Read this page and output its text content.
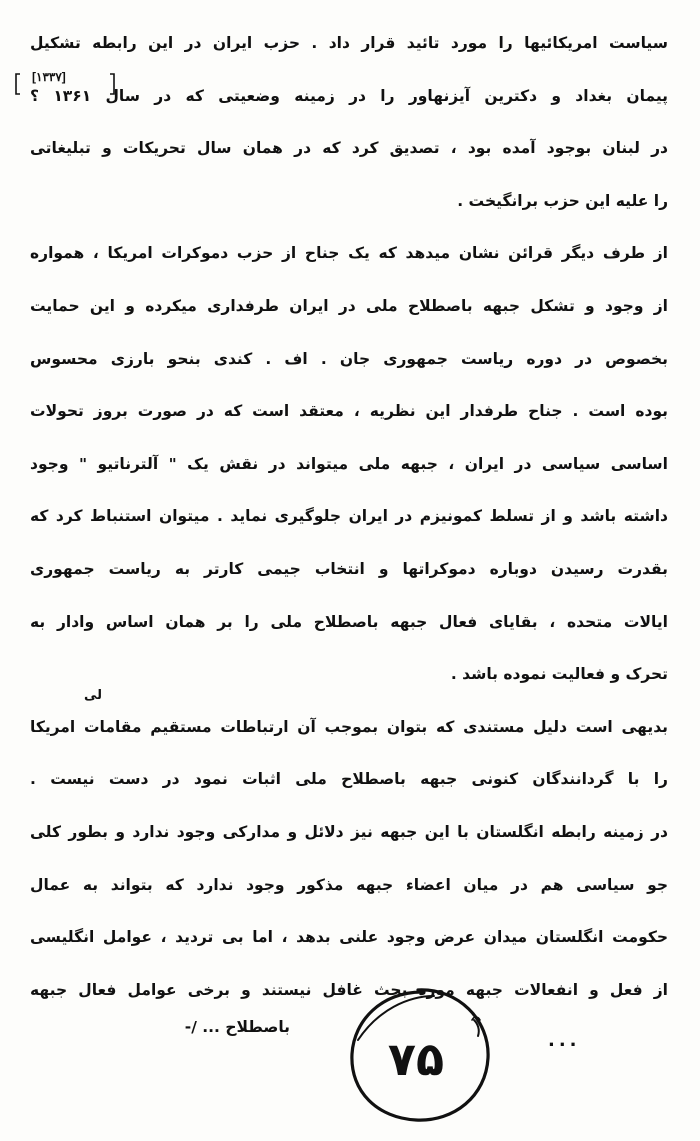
[۱۳۳۷]
سیاست امریکائیها را مورد تائید قرار داد . حزب ایران در این رابطه تشکیل
پیمان بغداد و دکترین آیزنهاور را در زمینه وضعیتی که در سال ۱۳۶۱ ؟
در لبنان بوجود آمده بود ، تصدیق کرد که در همان سال تحریکات و تبلیغاتی
را علیه این حزب برانگیخت .
از طرف دیگر قرائن نشان میدهد که یک جناح از حزب دموکرات امریکا ، همواره
از وجود و تشکل جبهه باصطلاح ملی در ایران طرفداری میکرده و این حمایت
بخصوص در دوره ریاست جمهوری جان . اف . کندی بنحو بارزی محسوس
بوده است . جناح طرفدار این نظریه ، معتقد است که در صورت بروز تحولات
اساسی سیاسی در ایران ، جبهه ملی میتواند در نقش یک " آلترناتیو " وجود
داشته باشد و از تسلط کمونیزم در ایران جلوگیری نماید . میتوان استنباط کرد که
بقدرت رسیدن دوباره دموکراتها و انتخاب جیمی کارتر به ریاست جمهوری
ایالات متحده ، بقایای فعال جبهه باصطلاح ملی را بر همان اساس وادار به
تحرک و فعالیت نموده باشد .
بدیهی است دلیل مستندی که بتوان بموجب آن ارتباطات مستقیم مقامات امریکا
را با گردانندگان کنونی جبهه باصطلاح ملی اثبات نمود در دست نیست .
در زمینه رابطه انگلستان با این جبهه نیز دلائل و مدارکی وجود ندارد و بطور کلی
جو سیاسی هم در میان اعضاء جبهه مذکور وجود ندارد که بتواند به عمال
حکومت انگلستان میدان عرض وجود علنی بدهد ، اما بی تردید ، عوامل انگلیسی
از فعل و انفعالات جبهه مورد بحث غافل نیستند و برخی عوامل فعال جبهه
لی
باصطلاح ... /-
...
۷۵
